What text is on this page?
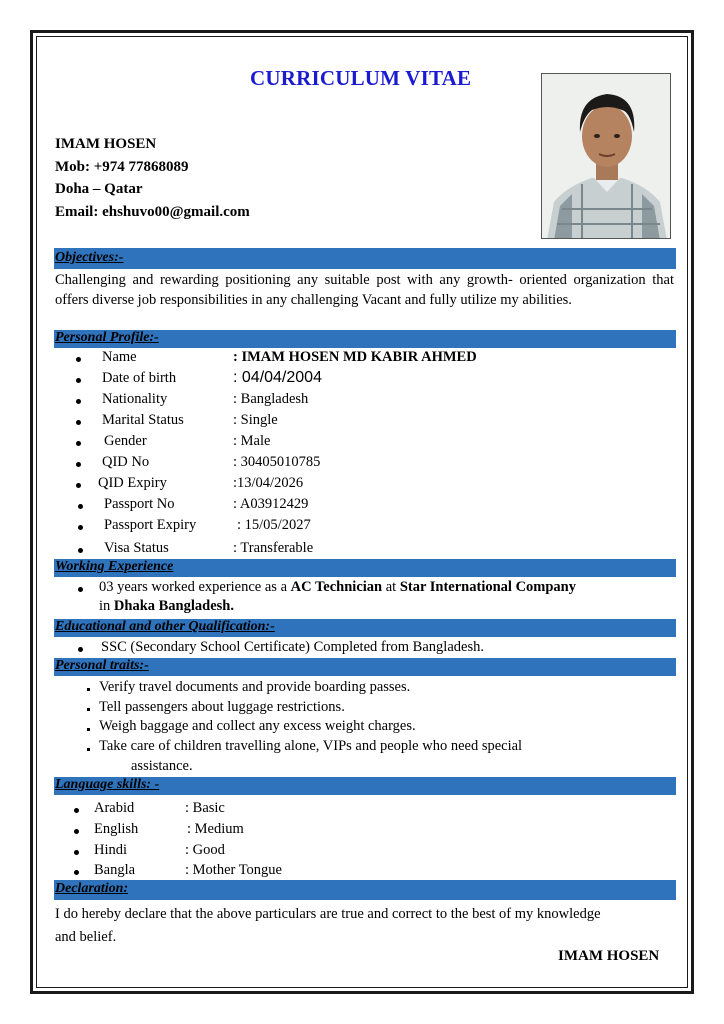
CURRICULUM VITAE
IMAM HOSEN
Mob: +974 77868089
Doha – Qatar
Email: ehshuvo00@gmail.com
Objectives:-
Challenging and rewarding positioning any suitable post with any growth- oriented organization that offers diverse job responsibilities in any challenging Vacant and fully utilize my abilities.
Personal Profile:-
Name	: IMAM HOSEN MD KABIR AHMED
Date of birth	: 04/04/2004
Nationality	: Bangladesh
Marital Status	: Single
Gender	: Male
QID No	: 30405010785
QID Expiry	:13/04/2026
Passport No	: A03912429
Passport Expiry	: 15/05/2027
Visa Status	: Transferable
Working Experience
03 years worked experience as a AC Technician at Star International Company
in Dhaka Bangladesh.
Educational and other Qualification:-
SSC (Secondary School Certificate) Completed from Bangladesh.
Personal traits:-
Verify travel documents and provide boarding passes.
Tell passengers about luggage restrictions.
Weigh baggage and collect any excess weight charges.
Take care of children travelling alone, VIPs and people who need special
assistance.
Language skills: -
Arabid	: Basic
English	: Medium
Hindi	: Good
Bangla	: Mother Tongue
Declaration:
I do hereby declare that the above particulars are true and correct to the best of my knowledge and belief.
IMAM HOSEN
